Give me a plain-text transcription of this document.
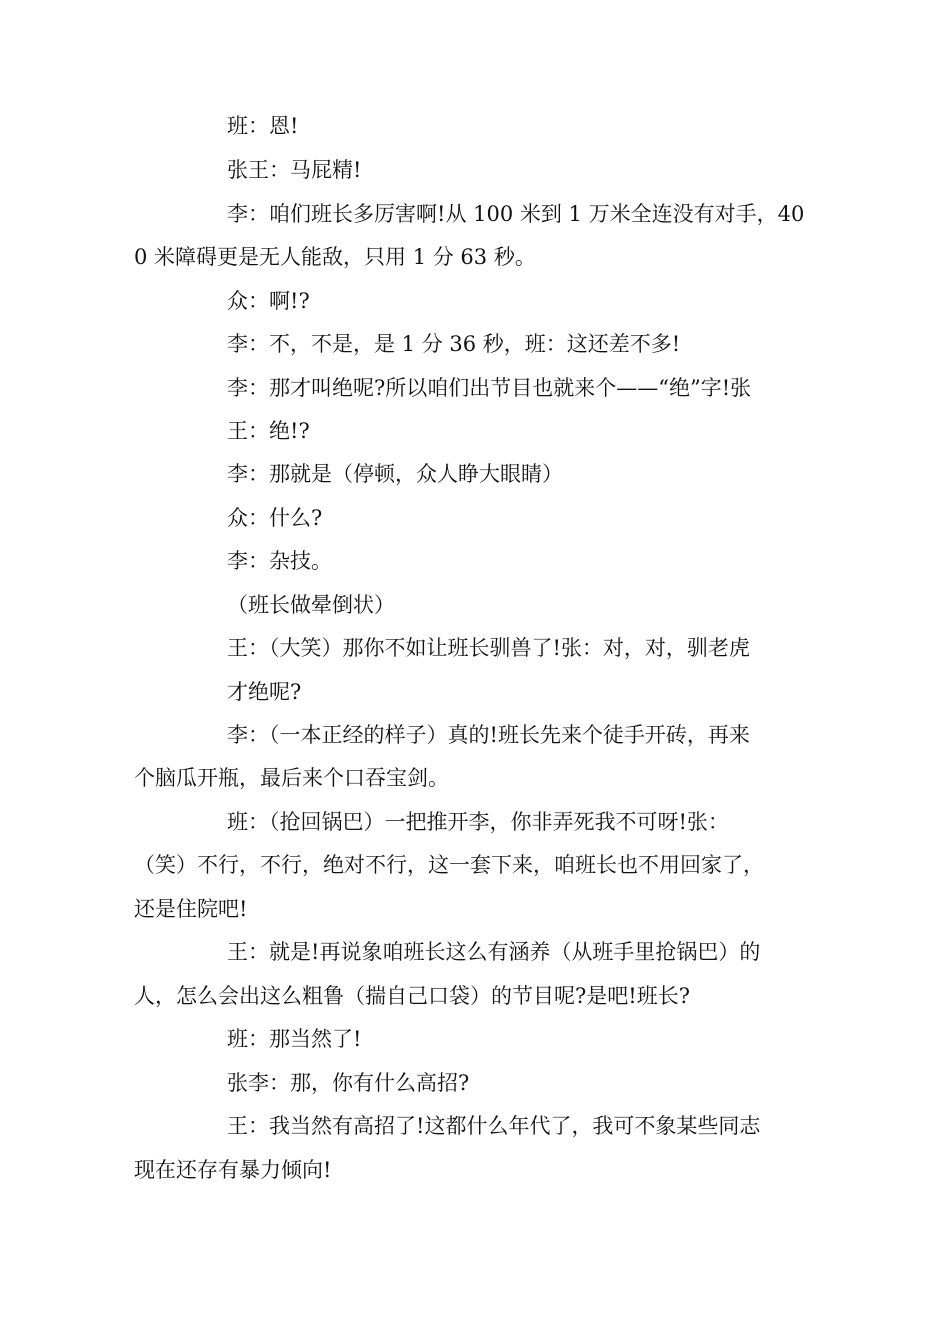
班：恩!

张王：马屁精!

李：咱们班长多厉害啊!从 100 米到 1 万米全连没有对手，40

0 米障碍更是无人能敌，只用 1 分 63 秒。

众：啊!?

李：不，不是，是 1 分 36 秒，班：这还差不多!

李：那才叫绝呢?所以咱们出节目也就来个——“绝”字!张

王：绝!?

李：那就是（停顿，众人睁大眼睛）

众：什么?

李：杂技。

（班长做晕倒状）

王：（大笑）那你不如让班长驯兽了!张：对，对，驯老虎

才绝呢?

李：（一本正经的样子）真的!班长先来个徒手开砖，再来

个脑瓜开瓶，最后来个口吞宝剑。

班：（抢回锅巴）一把推开李，你非弄死我不可呀!张：

（笑）不行，不行，绝对不行，这一套下来，咱班长也不用回家了，

还是住院吧!

王：就是!再说象咱班长这么有涵养（从班手里抢锅巴）的

人，怎么会出这么粗鲁（揣自己口袋）的节目呢?是吧!班长?

班：那当然了!

张李：那，你有什么高招?

王：我当然有高招了!这都什么年代了，我可不象某些同志

现在还存有暴力倾向!
